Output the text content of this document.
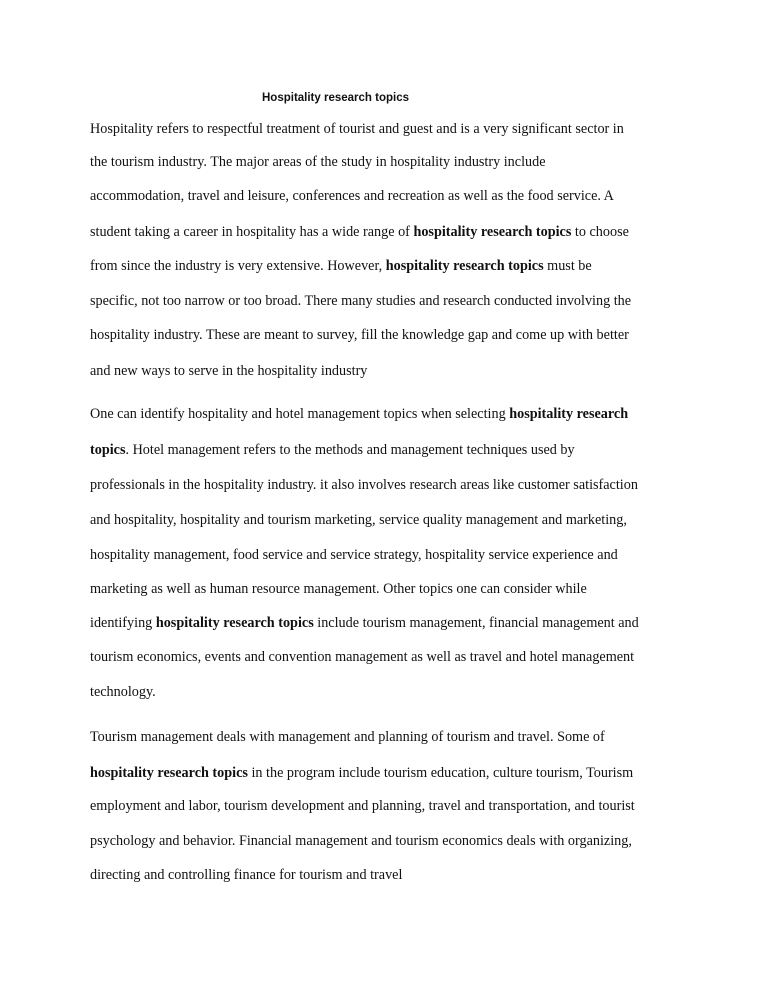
Hospitality research topics
Hospitality refers to respectful treatment of tourist and guest and is a very significant sector in
the tourism industry. The major areas of the study in hospitality industry include
accommodation, travel and leisure, conferences and recreation as well as the food service. A
student taking a career in hospitality has a wide range of hospitality research topics to choose
from since the industry is very extensive. However, hospitality research topics must be
specific, not too narrow or too broad. There many studies and research conducted involving the
hospitality industry. These are meant to survey, fill the knowledge gap and come up with better
and new ways to serve in the hospitality industry
One can identify hospitality and hotel management topics when selecting hospitality research
topics. Hotel management refers to the methods and management techniques used by
professionals in the hospitality industry. it also involves research areas like customer satisfaction
and hospitality, hospitality and tourism marketing, service quality management and marketing,
hospitality management, food service and service strategy, hospitality service experience and
marketing as well as human resource management. Other topics one can consider while
identifying hospitality research topics include tourism management, financial management and
tourism economics, events and convention management as well as travel and hotel management
technology.
Tourism management deals with management and planning of tourism and travel. Some of
hospitality research topics in the program include tourism education, culture tourism, Tourism
employment and labor, tourism development and planning, travel and transportation, and tourist
psychology and behavior. Financial management and tourism economics deals with organizing,
directing and controlling finance for tourism and travel
